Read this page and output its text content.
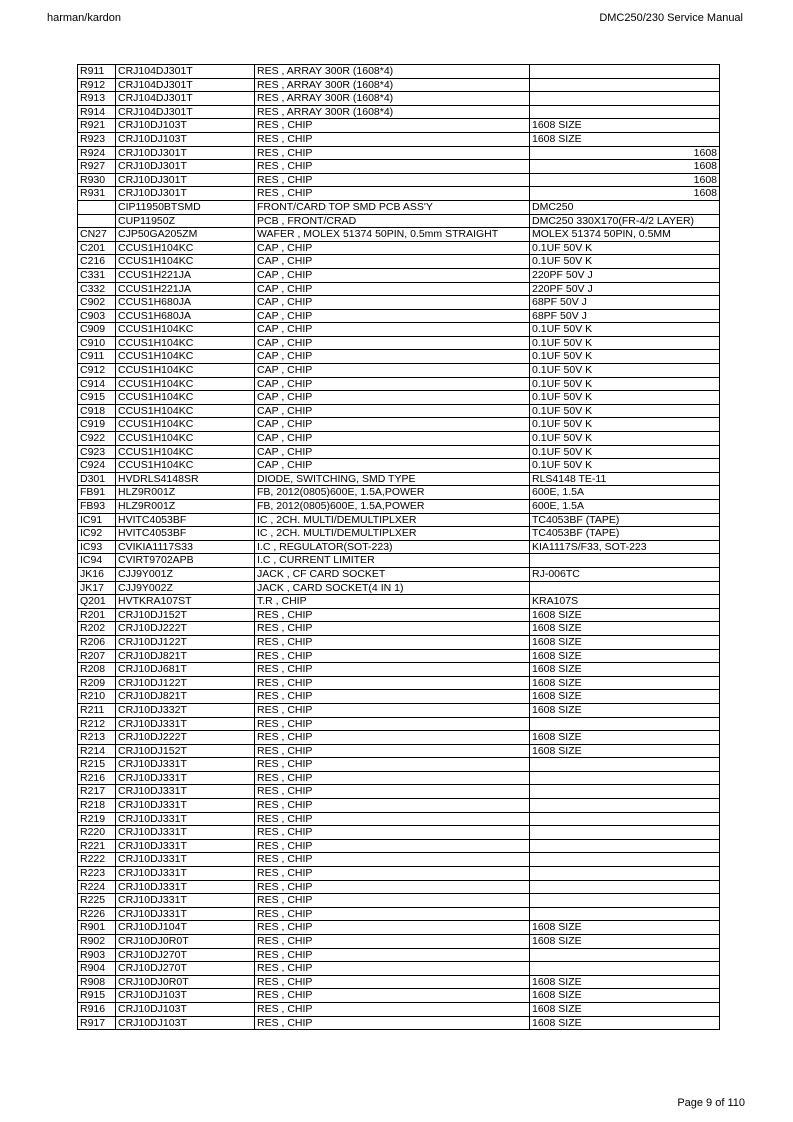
harman/kardon	DMC250/230 Service Manual
R911	CRJ104DJ301T	RES , ARRAY 300R (1608*4)	
R912	CRJ104DJ301T	RES , ARRAY 300R (1608*4)	
R913	CRJ104DJ301T	RES , ARRAY 300R (1608*4)	
R914	CRJ104DJ301T	RES , ARRAY 300R (1608*4)	
R921	CRJ10DJ103T	RES , CHIP	1608 SIZE
R923	CRJ10DJ103T	RES , CHIP	1608 SIZE
R924	CRJ10DJ301T	RES , CHIP	1608
R927	CRJ10DJ301T	RES , CHIP	1608
R930	CRJ10DJ301T	RES , CHIP	1608
R931	CRJ10DJ301T	RES , CHIP	1608
	CIP11950BTSMD	FRONT/CARD TOP SMD PCB ASS'Y	DMC250
	CUP11950Z	PCB , FRONT/CRAD	DMC250 330X170(FR-4/2 LAYER)
CN27	CJP50GA205ZM	WAFER , MOLEX 51374 50PIN, 0.5mm STRAIGHT	MOLEX 51374 50PIN, 0.5MM
C201	CCUS1H104KC	CAP , CHIP	0.1UF 50V K
C216	CCUS1H104KC	CAP , CHIP	0.1UF 50V K
C331	CCUS1H221JA	CAP , CHIP	220PF 50V J
C332	CCUS1H221JA	CAP , CHIP	220PF 50V J
C902	CCUS1H680JA	CAP , CHIP	68PF 50V J
C903	CCUS1H680JA	CAP , CHIP	68PF 50V J
C909	CCUS1H104KC	CAP , CHIP	0.1UF 50V K
C910	CCUS1H104KC	CAP , CHIP	0.1UF 50V K
C911	CCUS1H104KC	CAP , CHIP	0.1UF 50V K
C912	CCUS1H104KC	CAP , CHIP	0.1UF 50V K
C914	CCUS1H104KC	CAP , CHIP	0.1UF 50V K
C915	CCUS1H104KC	CAP , CHIP	0.1UF 50V K
C918	CCUS1H104KC	CAP , CHIP	0.1UF 50V K
C919	CCUS1H104KC	CAP , CHIP	0.1UF 50V K
C922	CCUS1H104KC	CAP , CHIP	0.1UF 50V K
C923	CCUS1H104KC	CAP , CHIP	0.1UF 50V K
C924	CCUS1H104KC	CAP , CHIP	0.1UF 50V K
D301	HVDRLS4148SR	DIODE, SWITCHING, SMD TYPE	RLS4148 TE-11
FB91	HLZ9R001Z	FB, 2012(0805)600E, 1.5A,POWER	600E, 1.5A
FB93	HLZ9R001Z	FB, 2012(0805)600E, 1.5A,POWER	600E, 1.5A
IC91	HVITC4053BF	IC , 2CH. MULTI/DEMULTIPLXER	TC4053BF (TAPE)
IC92	HVITC4053BF	IC , 2CH. MULTI/DEMULTIPLXER	TC4053BF (TAPE)
IC93	CVIKIA1117S33	I.C , REGULATOR(SOT-223)	KIA1117S/F33, SOT-223
IC94	CVIRT9702APB	I.C , CURRENT LIMITER	
JK16	CJJ9Y001Z	JACK , CF CARD SOCKET	RJ-006TC
JK17	CJJ9Y002Z	JACK , CARD SOCKET(4 IN 1)	
Q201	HVTKRA107ST	T.R , CHIP	KRA107S
R201	CRJ10DJ152T	RES , CHIP	1608 SIZE
R202	CRJ10DJ222T	RES , CHIP	1608 SIZE
R206	CRJ10DJ122T	RES , CHIP	1608 SIZE
R207	CRJ10DJ821T	RES , CHIP	1608 SIZE
R208	CRJ10DJ681T	RES , CHIP	1608 SIZE
R209	CRJ10DJ122T	RES , CHIP	1608 SIZE
R210	CRJ10DJ821T	RES , CHIP	1608 SIZE
R211	CRJ10DJ332T	RES , CHIP	1608 SIZE
R212	CRJ10DJ331T	RES , CHIP	
R213	CRJ10DJ222T	RES , CHIP	1608 SIZE
R214	CRJ10DJ152T	RES , CHIP	1608 SIZE
R215	CRJ10DJ331T	RES , CHIP	
R216	CRJ10DJ331T	RES , CHIP	
R217	CRJ10DJ331T	RES , CHIP	
R218	CRJ10DJ331T	RES , CHIP	
R219	CRJ10DJ331T	RES , CHIP	
R220	CRJ10DJ331T	RES , CHIP	
R221	CRJ10DJ331T	RES , CHIP	
R222	CRJ10DJ331T	RES , CHIP	
R223	CRJ10DJ331T	RES , CHIP	
R224	CRJ10DJ331T	RES , CHIP	
R225	CRJ10DJ331T	RES , CHIP	
R226	CRJ10DJ331T	RES , CHIP	
R901	CRJ10DJ104T	RES , CHIP	1608 SIZE
R902	CRJ10DJ0R0T	RES , CHIP	1608 SIZE
R903	CRJ10DJ270T	RES , CHIP	
R904	CRJ10DJ270T	RES , CHIP	
R908	CRJ10DJ0R0T	RES , CHIP	1608 SIZE
R915	CRJ10DJ103T	RES , CHIP	1608 SIZE
R916	CRJ10DJ103T	RES , CHIP	1608 SIZE
R917	CRJ10DJ103T	RES , CHIP	1608 SIZE
Page 9 of 110
